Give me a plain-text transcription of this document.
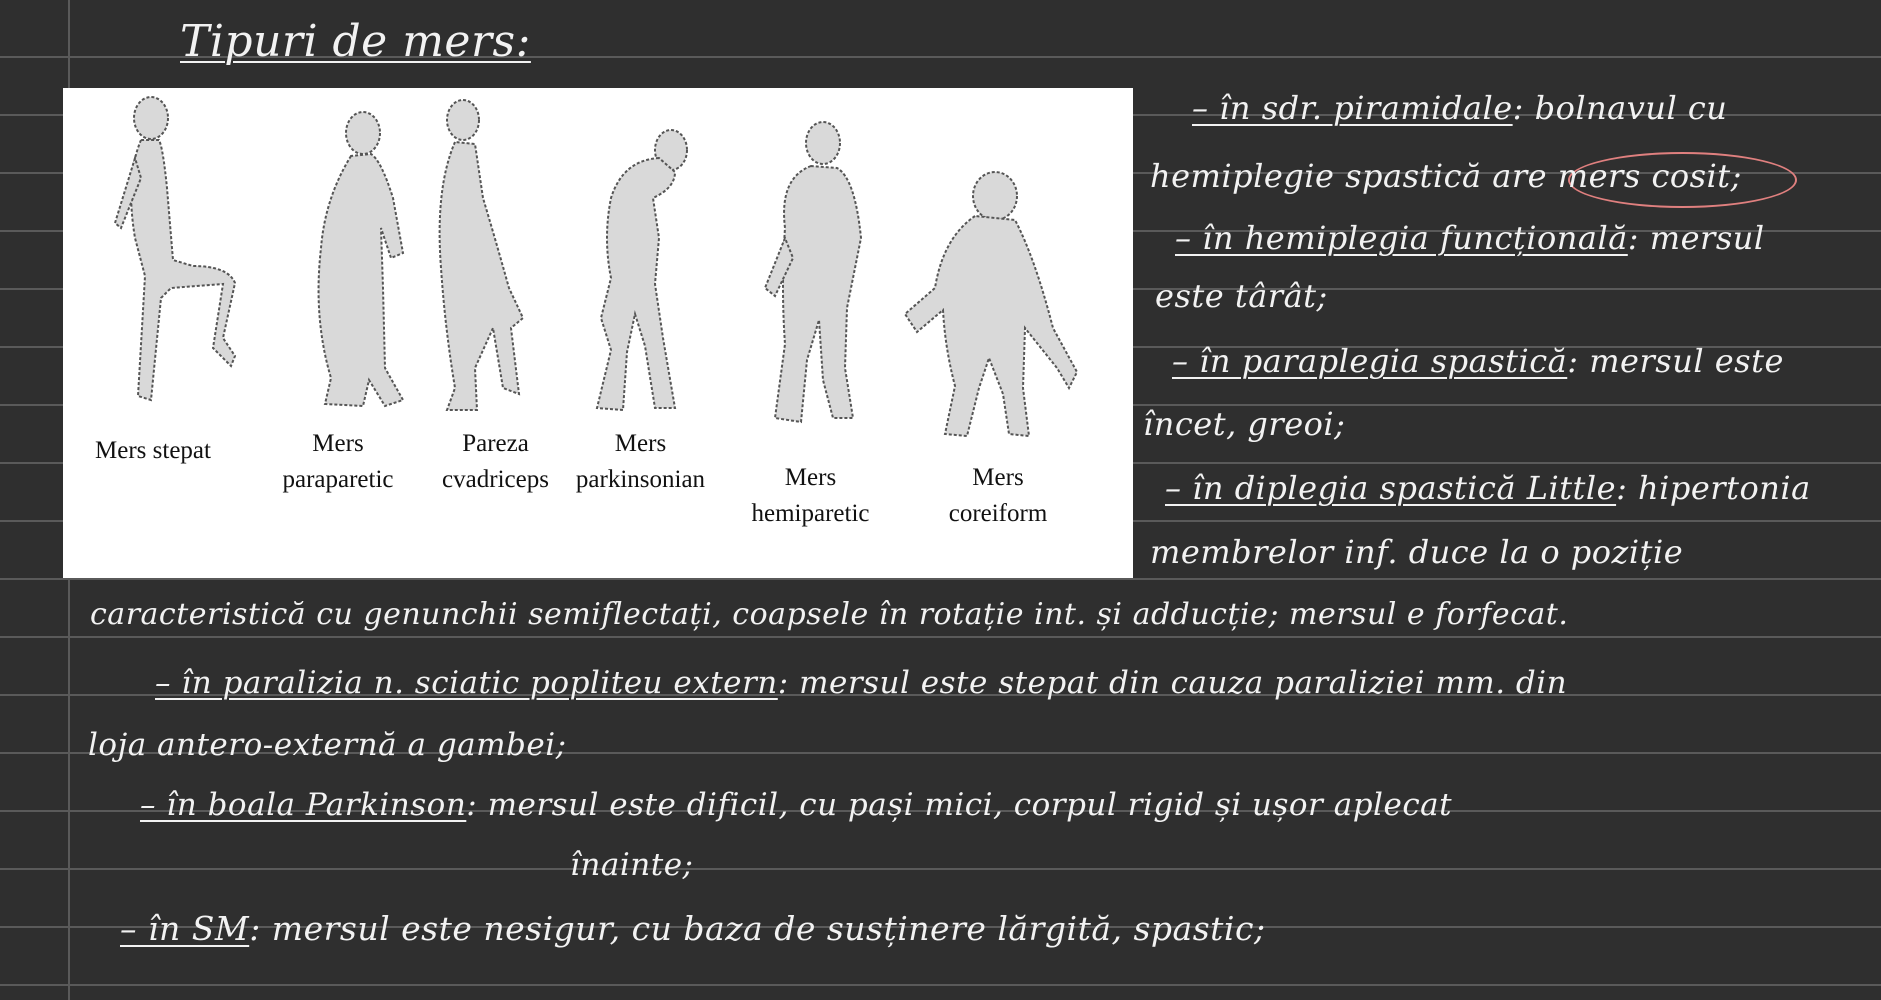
Tipuri de mers:
Mers stepat	Mers
paraparetic
Pareza
cvadriceps
Mers
parkinsonian	Mers
hemiparetic
Mers
coreiform
– în sdr. piramidale: bolnavul cu
hemiplegie spastică are mers cosit;
– în hemiplegia funcțională: mersul
este târât;
– în paraplegia spastică: mersul este
încet, greoi;
– în diplegia spastică Little: hipertonia
membrelor inf. duce la o poziție
caracteristică cu genunchii semiflectați, coapsele în rotație int. și adducție; mersul e forfecat.
– în paralizia n. sciatic popliteu extern: mersul este stepat din cauza paraliziei mm. din
loja antero-externă a gambei;
– în boala Parkinson: mersul este dificil, cu pași mici, corpul rigid și ușor aplecat
înainte;
– în SM: mersul este nesigur, cu baza de susținere lărgită, spastic;
